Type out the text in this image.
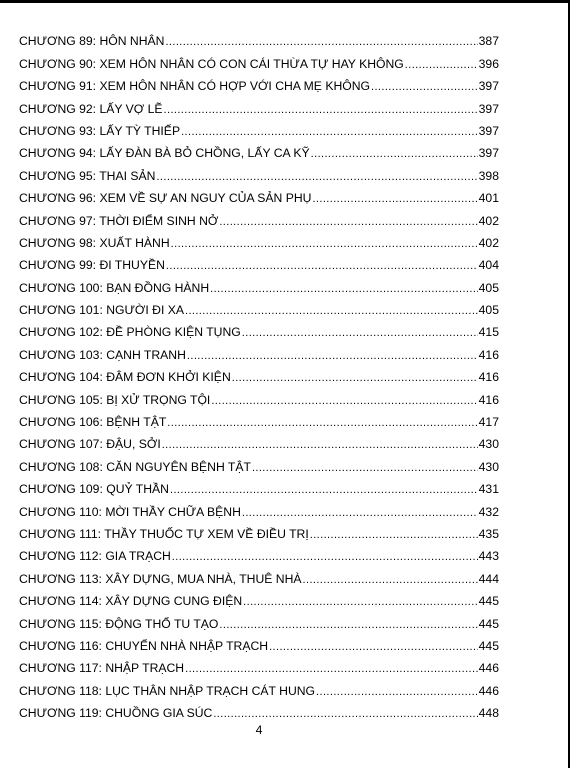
CHƯƠNG 89: HÔN NHÂN .....	387
CHƯƠNG 90: XEM HÔN NHÂN CÓ CON CÁI THỪA TỰ HAY KHÔNG .....	396
CHƯƠNG 91: XEM HÔN NHÂN CÓ HỢP VỚI CHA MẸ KHÔNG .....	397
CHƯƠNG 92: LẤY VỢ LẼ .....	397
CHƯƠNG 93: LẤY TỲ THIẾP .....	397
CHƯƠNG 94: LẤY ĐÀN BÀ BỎ CHỒNG, LẤY CA KỸ .....	397
CHƯƠNG 95: THAI SẢN .....	398
CHƯƠNG 96: XEM VỀ SỰ AN NGUY CỦA SẢN PHỤ .....	401
CHƯƠNG 97: THỜI ĐIỂM SINH NỞ .....	402
CHƯƠNG 98: XUẤT HÀNH .....	402
CHƯƠNG 99: ĐI THUYỀN .....	404
CHƯƠNG 100: BẠN ĐỒNG HÀNH .....	405
CHƯƠNG 101: NGƯỜI ĐI XA .....	405
CHƯƠNG 102: ĐỀ PHÒNG KIỆN TỤNG .....	415
CHƯƠNG 103: CẠNH TRANH .....	416
CHƯƠNG 104: ĐÂM ĐƠN KHỞI KIỆN .....	416
CHƯƠNG 105: BỊ XỬ TRỌNG TỘI .....	416
CHƯƠNG 106: BỆNH TẬT .....	417
CHƯƠNG 107: ĐẬU, SỞI .....	430
CHƯƠNG 108: CĂN NGUYÊN BỆNH TẬT .....	430
CHƯƠNG 109: QUỶ THẦN .....	431
CHƯƠNG 110: MỜI THẦY CHỮA BỆNH .....	432
CHƯƠNG 111: THẦY THUỐC TỰ XEM VỀ ĐIỀU TRỊ .....	435
CHƯƠNG 112: GIA TRẠCH .....	443
CHƯƠNG 113: XÂY DỰNG, MUA NHÀ, THUÊ NHÀ .....	444
CHƯƠNG 114: XÂY DỰNG CUNG ĐIỆN .....	445
CHƯƠNG 115: ĐỘNG THỔ TU TẠO .....	445
CHƯƠNG 116: CHUYỂN NHÀ NHẬP TRẠCH .....	445
CHƯƠNG 117: NHẬP TRẠCH .....	446
CHƯƠNG 118: LỤC THÂN NHẬP TRẠCH CÁT HUNG .....	446
CHƯƠNG 119: CHUỒNG GIA SÚC .....	448
4
